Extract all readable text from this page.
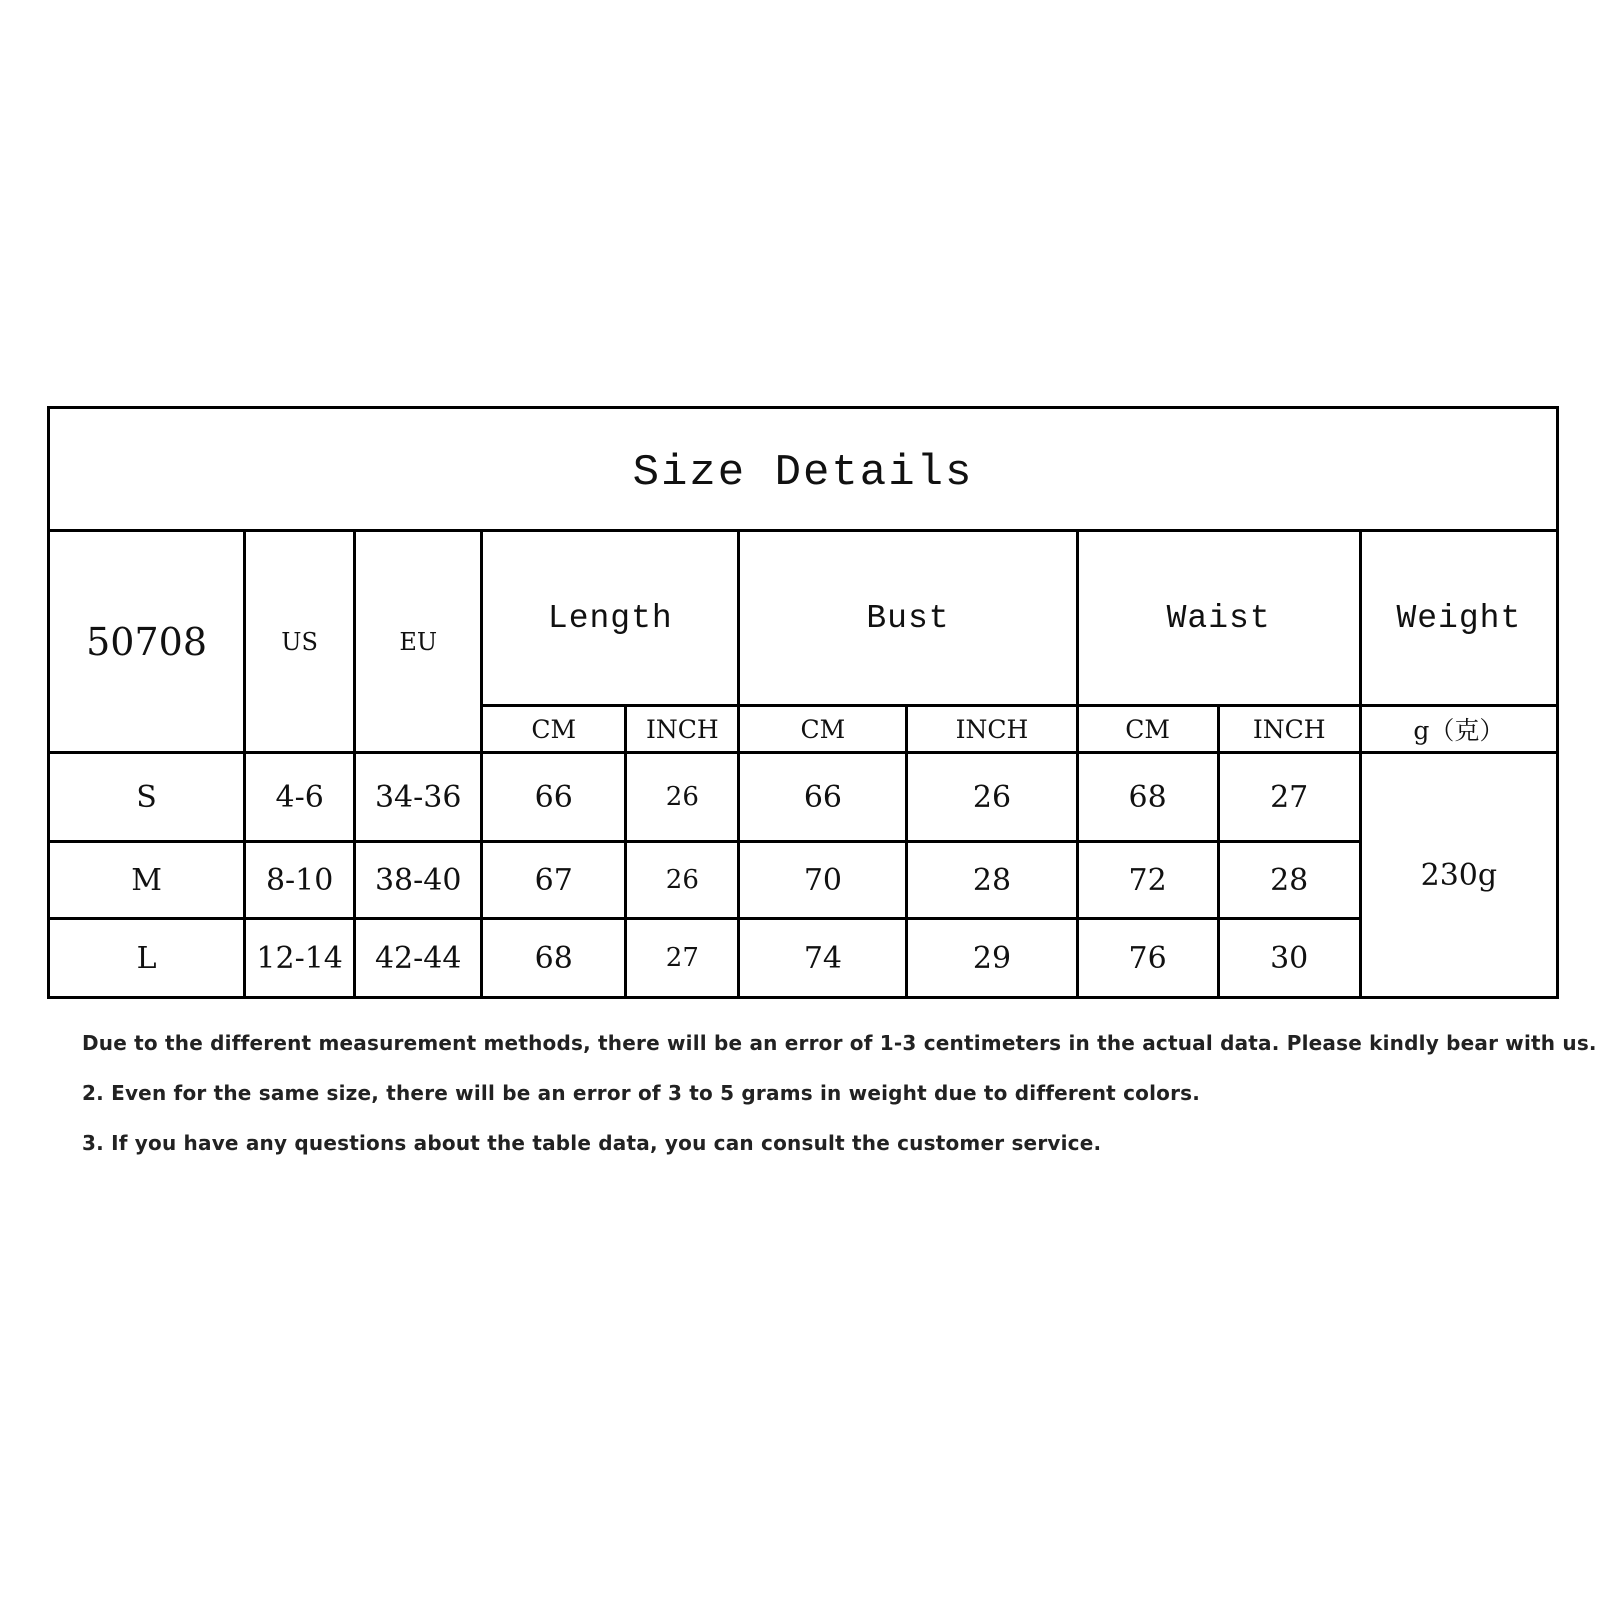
Size Details									
50708	US	EU	Length		Bust		Waist		Weight
			CM	INCH	CM	INCH	CM	INCH	g（克）
S	4-6	34-36	66	26	66	26	68	27	230g
M	8-10	38-40	67	26	70	28	72	28	
L	12-14	42-44	68	27	74	29	76	30	

Due to the different measurement methods, there will be an error of 1-3 centimeters in the actual data. Please kindly bear with us.

2. Even for the same size, there will be an error of 3 to 5 grams in weight due to different colors.

3. If you have any questions about the table data, you can consult the customer service.
